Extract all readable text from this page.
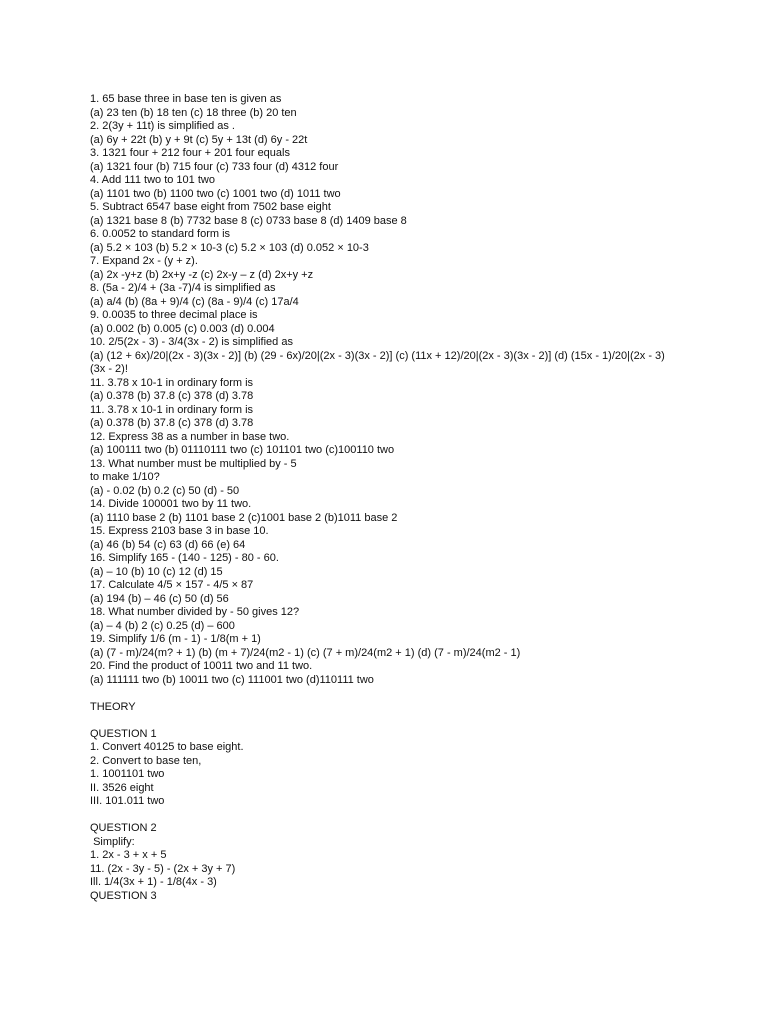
1. 65 base three in base ten is given as
(a) 23 ten (b) 18 ten (c) 18 three (b) 20 ten
2. 2(3y + 11t) is simplified as .
(a) 6y + 22t (b) y + 9t (c) 5y + 13t (d) 6y - 22t
3. 1321 four + 212 four + 201 four equals
(a) 1321 four (b) 715 four (c) 733 four (d) 4312 four
4. Add 111 two to 101 two
(a) 1101 two (b) 1100 two (c) 1001 two (d) 1011 two
5. Subtract 6547 base eight from 7502 base eight
(a) 1321 base 8 (b) 7732 base 8 (c) 0733 base 8 (d) 1409 base 8
6. 0.0052 to standard form is
(a) 5.2 × 103 (b) 5.2 × 10-3 (c) 5.2 × 103 (d) 0.052 × 10-3
7. Expand 2x - (y + z).
(a) 2x -y+z (b) 2x+y -z (c) 2x-y – z (d) 2x+y +z
8. (5a - 2)/4 + (3a -7)/4 is simplified as
(a) a/4 (b) (8a + 9)/4 (c) (8a - 9)/4 (c) 17a/4
9. 0.0035 to three decimal place is
(a) 0.002 (b) 0.005 (c) 0.003 (d) 0.004
10. 2/5(2x - 3) - 3/4(3x - 2) is simplified as
(a) (12 + 6x)/20|(2x - 3)(3x - 2)] (b) (29 - 6x)/20|(2x - 3)(3x - 2)] (c) (11x + 12)/20|(2x - 3)(3x - 2)] (d) (15x - 1)/20|(2x - 3)(3x - 2)!
11. 3.78 x 10-1 in ordinary form is
(a) 0.378 (b) 37.8 (c) 378 (d) 3.78
11. 3.78 x 10-1 in ordinary form is
(a) 0.378 (b) 37.8 (c) 378 (d) 3.78
12. Express 38 as a number in base two.
(a) 100111 two (b) 01110111 two (c) 101101 two (c)100110 two
13. What number must be multiplied by - 5
to make 1/10?
(a) - 0.02 (b) 0.2 (c) 50 (d) - 50
14. Divide 100001 two by 11 two.
(a) 1110 base 2 (b) 1101 base 2 (c)1001 base 2 (b)1011 base 2
15. Express 2103 base 3 in base 10.
(a) 46 (b) 54 (c) 63 (d) 66 (e) 64
16. Simplify 165 - (140 - 125) - 80 - 60.
(a) – 10 (b) 10 (c) 12 (d) 15
17. Calculate 4/5 × 157 - 4/5 × 87
(a) 194 (b) – 46 (c) 50 (d) 56
18. What number divided by - 50 gives 12?
(a) – 4 (b) 2 (c) 0.25 (d) – 600
19. Simplify 1/6 (m - 1) - 1/8(m + 1)
(a) (7 - m)/24(m? + 1) (b) (m + 7)/24(m2 - 1) (c) (7 + m)/24(m2 + 1) (d) (7 - m)/24(m2 - 1)
20. Find the product of 10011 two and 11 two.
(a) 111111 two (b) 10011 two (c) 111001 two (d)110111 two
THEORY
QUESTION 1
1. Convert 40125 to base eight.
2. Convert to base ten,
1. 1001101 two
II. 3526 eight
III. 101.011 two
QUESTION 2
Simplify:
1. 2x - 3 + x + 5
11. (2x - 3y - 5) - (2x + 3y + 7)
Ill. 1/4(3x + 1) - 1/8(4x - 3)
QUESTION 3
